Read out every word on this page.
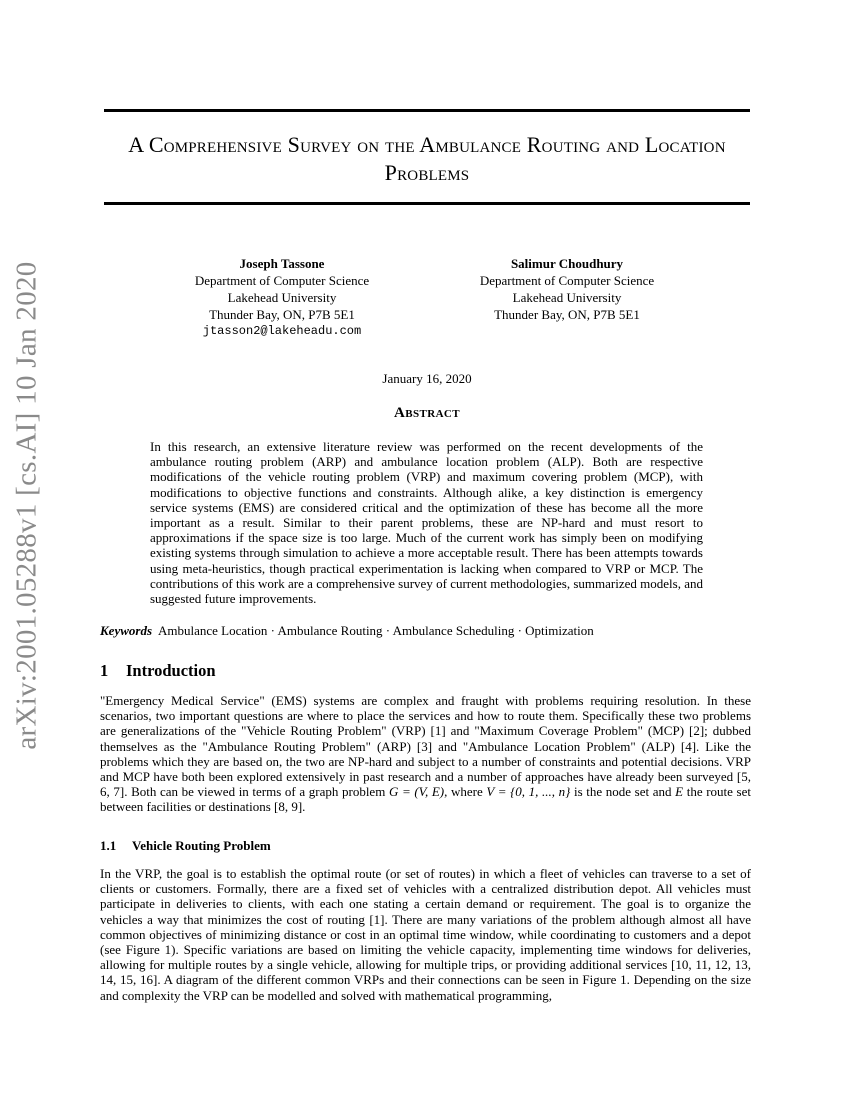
arXiv:2001.05288v1 [cs.AI] 10 Jan 2020
A Comprehensive Survey on the Ambulance Routing and Location Problems
Joseph Tassone
Department of Computer Science
Lakehead University
Thunder Bay, ON, P7B 5E1
jtasson2@lakeheadu.com
Salimur Choudhury
Department of Computer Science
Lakehead University
Thunder Bay, ON, P7B 5E1
January 16, 2020
Abstract
In this research, an extensive literature review was performed on the recent developments of the ambulance routing problem (ARP) and ambulance location problem (ALP). Both are respective modifications of the vehicle routing problem (VRP) and maximum covering problem (MCP), with modifications to objective functions and constraints. Although alike, a key distinction is emergency service systems (EMS) are considered critical and the optimization of these has become all the more important as a result. Similar to their parent problems, these are NP-hard and must resort to approximations if the space size is too large. Much of the current work has simply been on modifying existing systems through simulation to achieve a more acceptable result. There has been attempts towards using meta-heuristics, though practical experimentation is lacking when compared to VRP or MCP. The contributions of this work are a comprehensive survey of current methodologies, summarized models, and suggested future improvements.
Keywords Ambulance Location · Ambulance Routing · Ambulance Scheduling · Optimization
1 Introduction
"Emergency Medical Service" (EMS) systems are complex and fraught with problems requiring resolution. In these scenarios, two important questions are where to place the services and how to route them. Specifically these two problems are generalizations of the "Vehicle Routing Problem" (VRP) [1] and "Maximum Coverage Problem" (MCP) [2]; dubbed themselves as the "Ambulance Routing Problem" (ARP) [3] and "Ambulance Location Problem" (ALP) [4]. Like the problems which they are based on, the two are NP-hard and subject to a number of constraints and potential decisions. VRP and MCP have both been explored extensively in past research and a number of approaches have already been surveyed [5, 6, 7]. Both can be viewed in terms of a graph problem G = (V, E), where V = {0, 1, ..., n} is the node set and E the route set between facilities or destinations [8, 9].
1.1 Vehicle Routing Problem
In the VRP, the goal is to establish the optimal route (or set of routes) in which a fleet of vehicles can traverse to a set of clients or customers. Formally, there are a fixed set of vehicles with a centralized distribution depot. All vehicles must participate in deliveries to clients, with each one stating a certain demand or requirement. The goal is to organize the vehicles a way that minimizes the cost of routing [1]. There are many variations of the problem although almost all have common objectives of minimizing distance or cost in an optimal time window, while coordinating to customers and a depot (see Figure 1). Specific variations are based on limiting the vehicle capacity, implementing time windows for deliveries, allowing for multiple routes by a single vehicle, allowing for multiple trips, or providing additional services [10, 11, 12, 13, 14, 15, 16]. A diagram of the different common VRPs and their connections can be seen in Figure 1. Depending on the size and complexity the VRP can be modelled and solved with mathematical programming,
